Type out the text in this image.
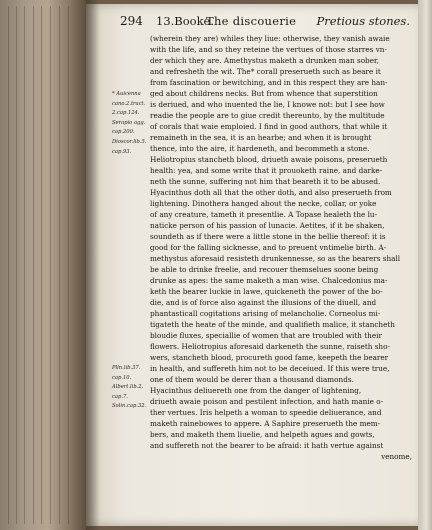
294 13.Booke.
The discouerie Pretious stones.
* Auicenna
cano.2.tract.
2.cap.124.
Serapio agg.
cap.200.
Dioscor.lib.5.
cap.93.
Plin.lib.37.
cap.10.
Albert.lib.2.
cap.7.
Solin.cap.32.
(wherein they are) whiles they liue: otherwise, they vanish awaie
with the life, and so they reteine the vertues of those starres vn-
der which they are. Amethystus maketh a drunken man sober,
and refresheth the wit. The* corall preserueth such as beare it
from fascination or bewitching, and in this respect they are han-
ged about childrens necks. But from whence that superstition
is deriued, and who inuented the lie, I knowe not: but I see how
readie the people are to giue credit thereunto, by the multitude
of corals that waie emploied. I find in good authors, that while it
remaineth in the sea, it is an hearbe; and when it is brought
thence, into the aire, it hardeneth, and becommeth a stone.
Heliotropius stancheth blood, driueth awaie poisons, preserueth
health: yea, and some write that it prouoketh raine, and darke-
neth the sunne, suffering not him that beareth it to be abused.
Hyacinthus doth all that the other doth, and also preserueth from
lightening. Dinothera hanged about the necke, collar, or yoke
of any creature, tameth it presentlie. A Topase healeth the lu-
naticke person of his passion of lunacie. Aetites, if it be shaken,
soundeth as if there were a little stone in the bellie thereof: it is
good for the falling sicknesse, and to preuent vntimelie birth. A-
methystus aforesaid resisteth drunkennesse, so as the bearers shall
be able to drinke freelie, and recouer themselues soone being
drunke as apes: the same maketh a man wise. Chalcedonius ma-
keth the bearer luckie in lawe, quickeneth the power of the bo-
die, and is of force also against the illusions of the diuell, and
phantasticall cogitations arising of melancholie. Corneolus mi-
tigateth the heate of the minde, and qualifieth malice, it stancheth
bloudie fluxes, speciallie of women that are troubled with their
flowers. Heliotropius aforesaid darkeneth the sunne, raiseth sho-
wers, stancheth blood, procureth good fame, keepeth the bearer
in health, and suffereth him not to be deceiued. If this were true,
one of them would be derer than a thousand diamonds.
Hyacinthus deliuereth one from the danger of lightening,
driueth awaie poison and pestilent infection, and hath manie o-
ther vertues. Iris helpeth a woman to speedie deliuerance, and
maketh rainebowes to appere. A Saphire preserueth the mem-
bers, and maketh them liuelie, and helpeth agues and gowts,
and suffereth not the bearer to be afraid: it hath vertue against
venome,
